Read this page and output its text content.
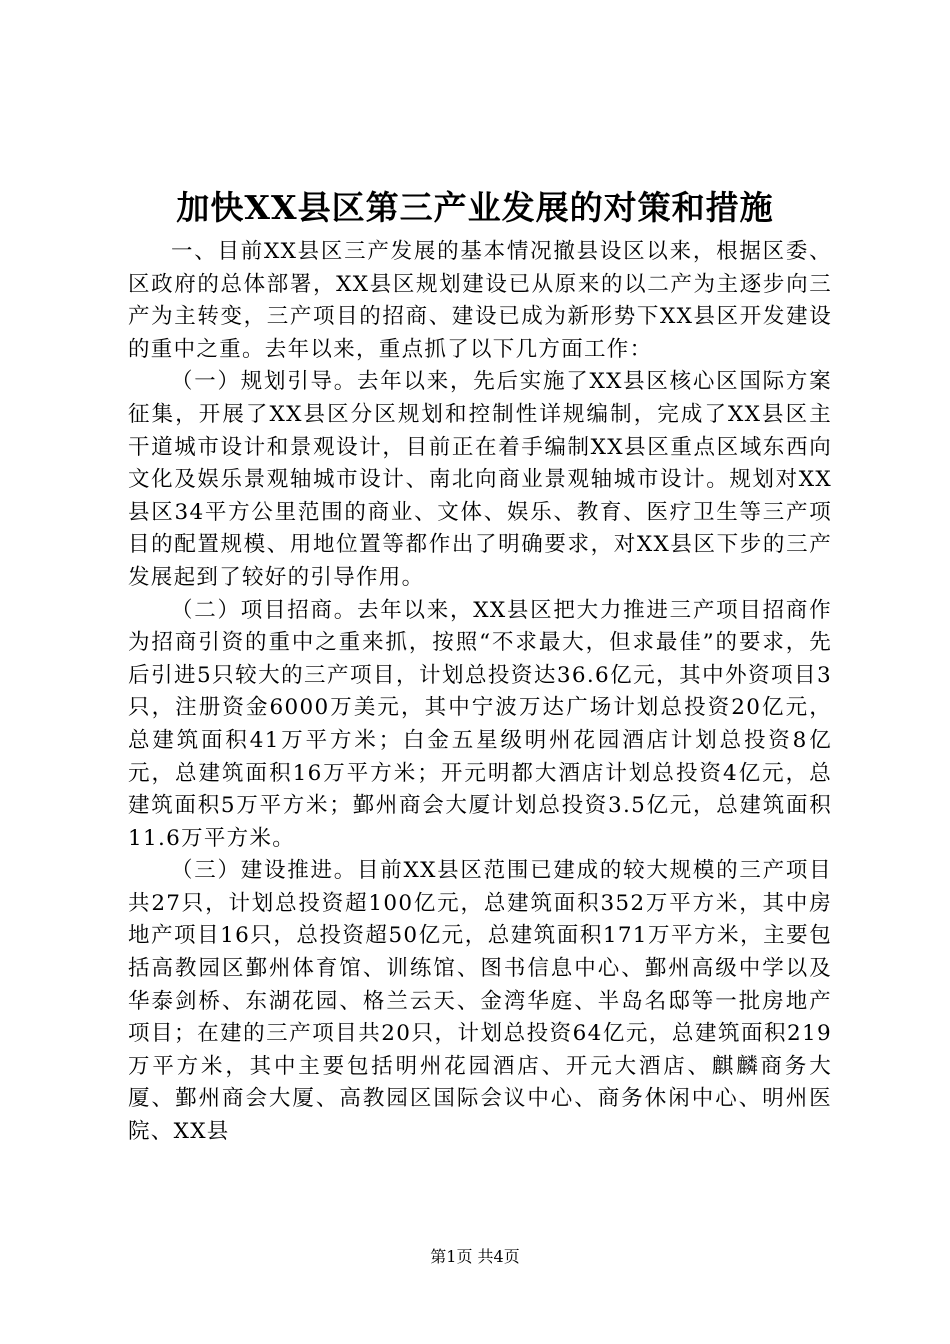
加快XX县区第三产业发展的对策和措施

一、目前XX县区三产发展的基本情况撤县设区以来，根据区委、区政府的总体部署，XX县区规划建设已从原来的以二产为主逐步向三产为主转变，三产项目的招商、建设已成为新形势下XX县区开发建设的重中之重。去年以来，重点抓了以下几方面工作：

（一）规划引导。去年以来，先后实施了XX县区核心区国际方案征集，开展了XX县区分区规划和控制性详规编制，完成了XX县区主干道城市设计和景观设计，目前正在着手编制XX县区重点区域东西向文化及娱乐景观轴城市设计、南北向商业景观轴城市设计。规划对XX县区34平方公里范围的商业、文体、娱乐、教育、医疗卫生等三产项目的配置规模、用地位置等都作出了明确要求，对XX县区下步的三产发展起到了较好的引导作用。

（二）项目招商。去年以来，XX县区把大力推进三产项目招商作为招商引资的重中之重来抓，按照“不求最大，但求最佳”的要求，先后引进5只较大的三产项目，计划总投资达36.6亿元，其中外资项目3只，注册资金6000万美元，其中宁波万达广场计划总投资20亿元，总建筑面积41万平方米；白金五星级明州花园酒店计划总投资8亿元，总建筑面积16万平方米；开元明都大酒店计划总投资4亿元，总建筑面积5万平方米；鄞州商会大厦计划总投资3.5亿元，总建筑面积11.6万平方米。

（三）建设推进。目前XX县区范围已建成的较大规模的三产项目共27只，计划总投资超100亿元，总建筑面积352万平方米，其中房地产项目16只，总投资超50亿元，总建筑面积171万平方米，主要包括高教园区鄞州体育馆、训练馆、图书信息中心、鄞州高级中学以及华泰剑桥、东湖花园、格兰云天、金湾华庭、半岛名邸等一批房地产项目；在建的三产项目共20只，计划总投资64亿元，总建筑面积219万平方米，其中主要包括明州花园酒店、开元大酒店、麒麟商务大厦、鄞州商会大厦、高教园区国际会议中心、商务休闲中心、明州医院、XX县

第1页 共4页
